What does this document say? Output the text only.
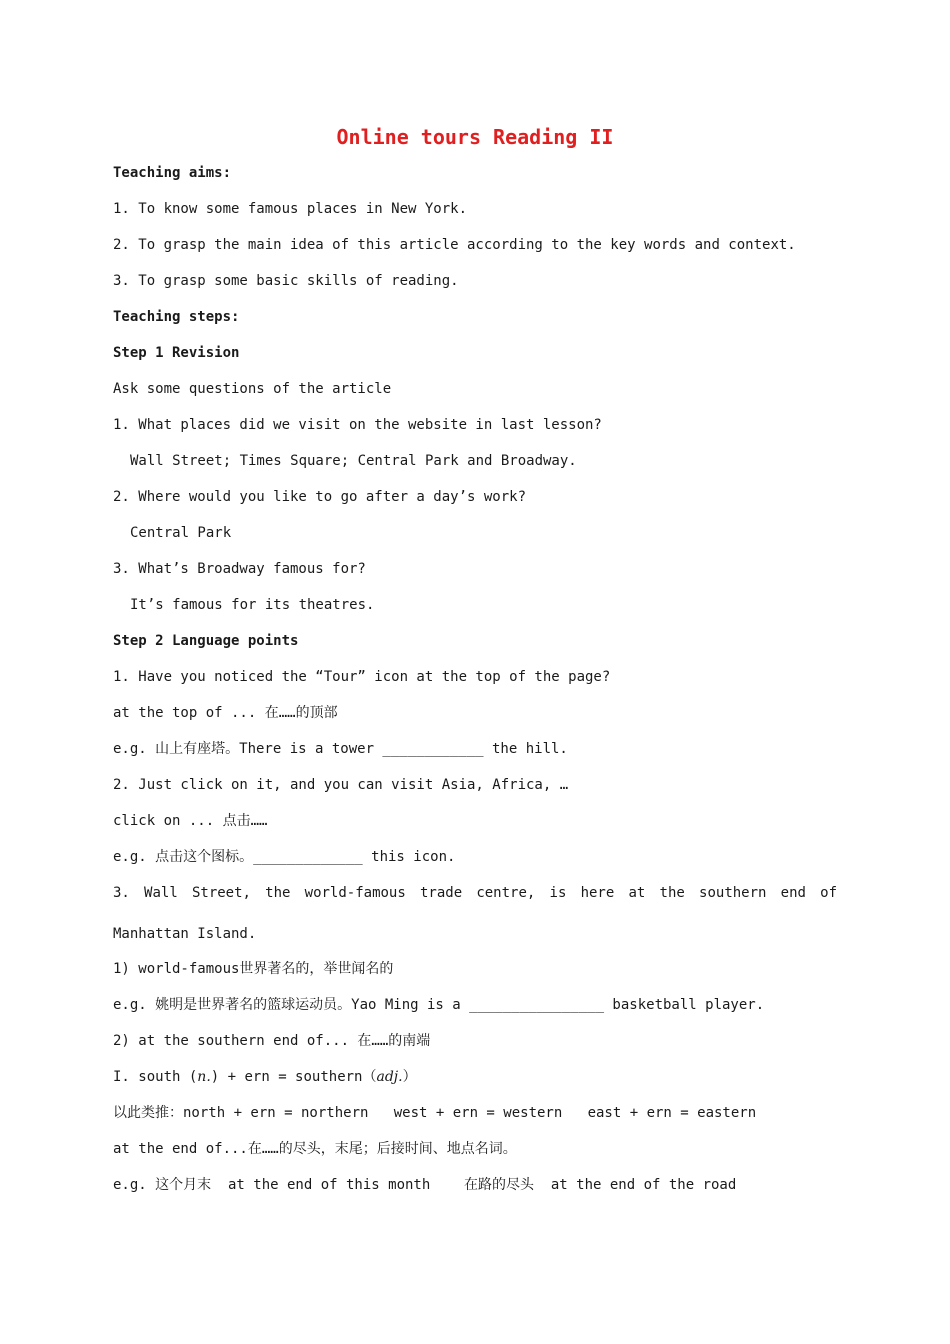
Online tours Reading II
Teaching aims:
1. To know some famous places in New York.
2. To grasp the main idea of this article according to the key words and context.
3. To grasp some basic skills of reading.
Teaching steps:
Step 1 Revision
Ask some questions of the article
1. What places did we visit on the website in last lesson?
Wall Street; Times Square; Central Park and Broadway.
2. Where would you like to go after a day’s work?
Central Park
3. What’s Broadway famous for?
It’s famous for its theatres.
Step 2 Language points
1. Have you noticed the “Tour” icon at the top of the page?
at the top of ... 在……的顶部
e.g. 山上有座塔。There is a tower ____________ the hill.
2. Just click on it, and you can visit Asia, Africa, …
click on ... 点击……
e.g. 点击这个图标。_____________ this icon.
3. Wall Street, the world-famous trade centre, is here at the southern end of
Manhattan Island.
1) world-famous世界著名的，举世闻名的
e.g. 姚明是世界著名的篮球运动员。Yao Ming is a ________________ basketball player.
2) at the southern end of... 在……的南端
I. south (n.) + ern = southern（adj.）
以此类推：north + ern = northern   west + ern = western   east + ern = eastern
at the end of...在……的尽头，末尾；后接时间、地点名词。
e.g. 这个月末  at the end of this month    在路的尽头  at the end of the road
